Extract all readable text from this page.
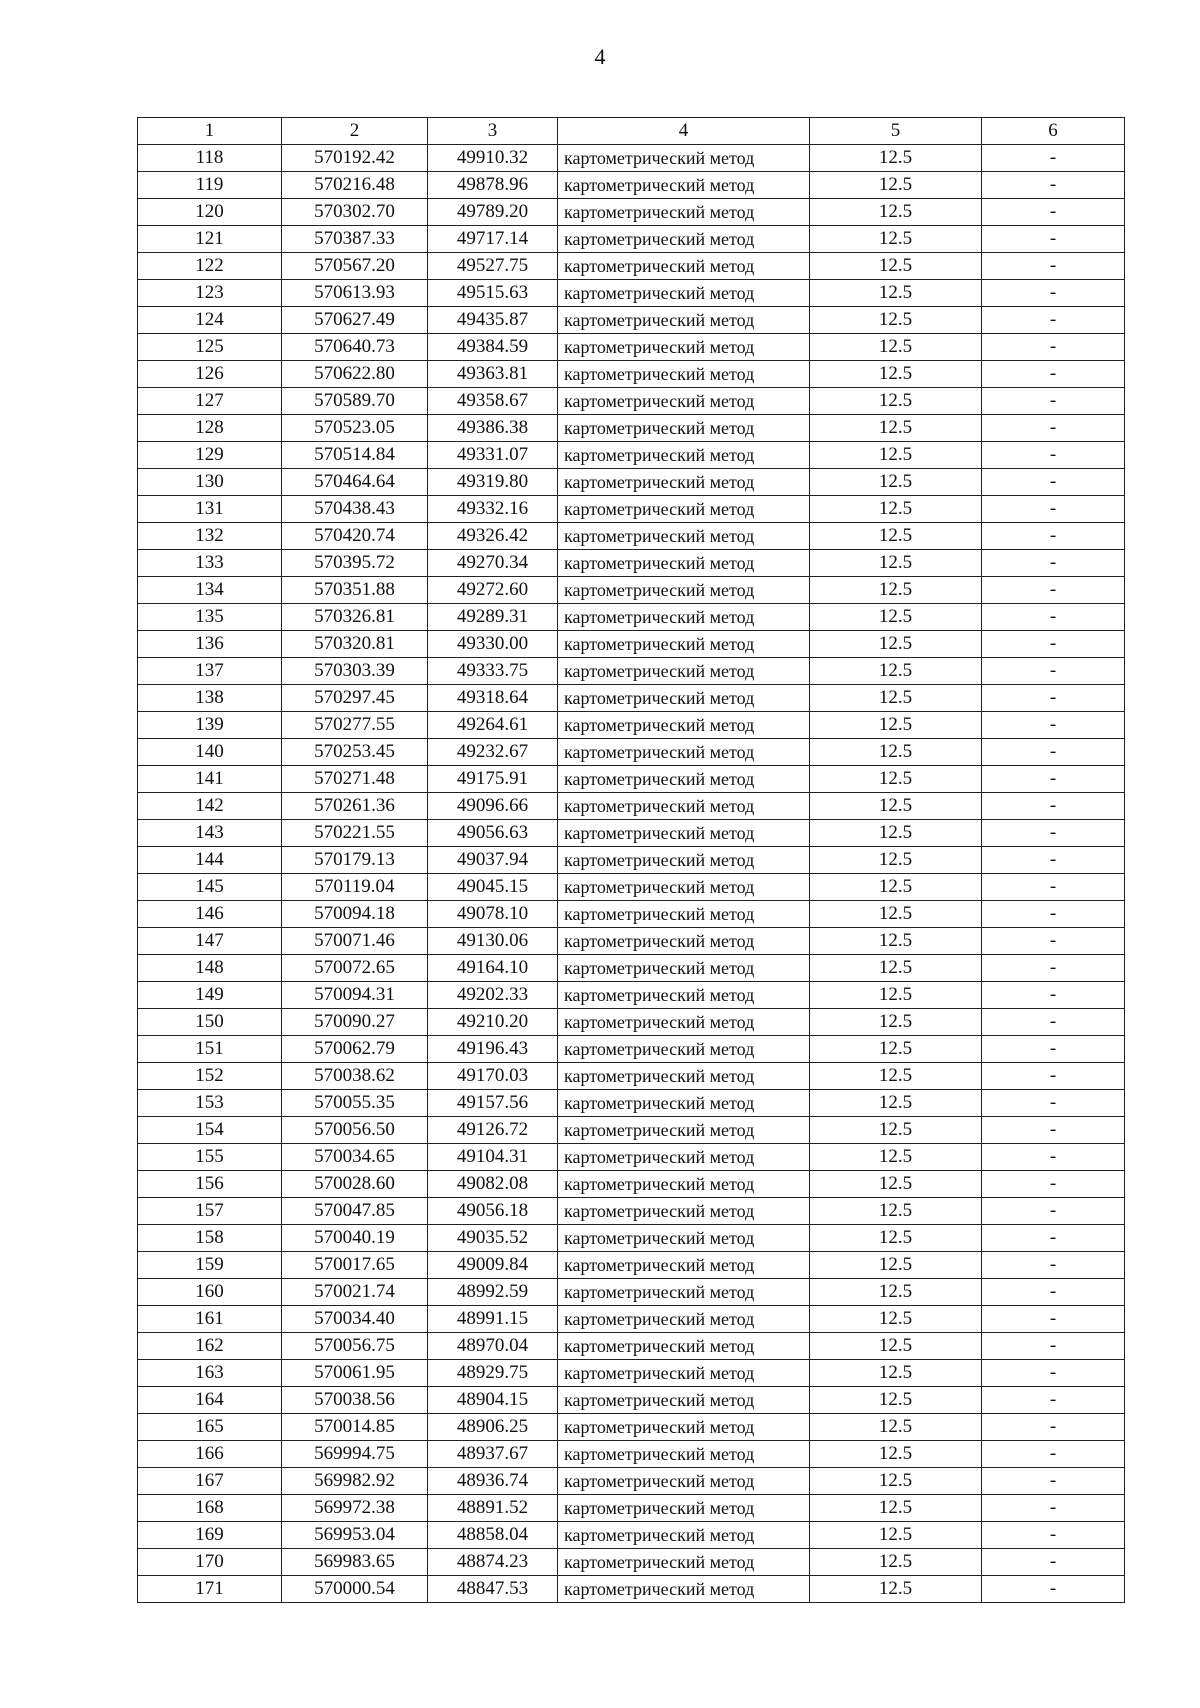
4
1	2	3	4	5	6
118	570192.42	49910.32	картометрический метод	12.5	-
119	570216.48	49878.96	картометрический метод	12.5	-
120	570302.70	49789.20	картометрический метод	12.5	-
121	570387.33	49717.14	картометрический метод	12.5	-
122	570567.20	49527.75	картометрический метод	12.5	-
123	570613.93	49515.63	картометрический метод	12.5	-
124	570627.49	49435.87	картометрический метод	12.5	-
125	570640.73	49384.59	картометрический метод	12.5	-
126	570622.80	49363.81	картометрический метод	12.5	-
127	570589.70	49358.67	картометрический метод	12.5	-
128	570523.05	49386.38	картометрический метод	12.5	-
129	570514.84	49331.07	картометрический метод	12.5	-
130	570464.64	49319.80	картометрический метод	12.5	-
131	570438.43	49332.16	картометрический метод	12.5	-
132	570420.74	49326.42	картометрический метод	12.5	-
133	570395.72	49270.34	картометрический метод	12.5	-
134	570351.88	49272.60	картометрический метод	12.5	-
135	570326.81	49289.31	картометрический метод	12.5	-
136	570320.81	49330.00	картометрический метод	12.5	-
137	570303.39	49333.75	картометрический метод	12.5	-
138	570297.45	49318.64	картометрический метод	12.5	-
139	570277.55	49264.61	картометрический метод	12.5	-
140	570253.45	49232.67	картометрический метод	12.5	-
141	570271.48	49175.91	картометрический метод	12.5	-
142	570261.36	49096.66	картометрический метод	12.5	-
143	570221.55	49056.63	картометрический метод	12.5	-
144	570179.13	49037.94	картометрический метод	12.5	-
145	570119.04	49045.15	картометрический метод	12.5	-
146	570094.18	49078.10	картометрический метод	12.5	-
147	570071.46	49130.06	картометрический метод	12.5	-
148	570072.65	49164.10	картометрический метод	12.5	-
149	570094.31	49202.33	картометрический метод	12.5	-
150	570090.27	49210.20	картометрический метод	12.5	-
151	570062.79	49196.43	картометрический метод	12.5	-
152	570038.62	49170.03	картометрический метод	12.5	-
153	570055.35	49157.56	картометрический метод	12.5	-
154	570056.50	49126.72	картометрический метод	12.5	-
155	570034.65	49104.31	картометрический метод	12.5	-
156	570028.60	49082.08	картометрический метод	12.5	-
157	570047.85	49056.18	картометрический метод	12.5	-
158	570040.19	49035.52	картометрический метод	12.5	-
159	570017.65	49009.84	картометрический метод	12.5	-
160	570021.74	48992.59	картометрический метод	12.5	-
161	570034.40	48991.15	картометрический метод	12.5	-
162	570056.75	48970.04	картометрический метод	12.5	-
163	570061.95	48929.75	картометрический метод	12.5	-
164	570038.56	48904.15	картометрический метод	12.5	-
165	570014.85	48906.25	картометрический метод	12.5	-
166	569994.75	48937.67	картометрический метод	12.5	-
167	569982.92	48936.74	картометрический метод	12.5	-
168	569972.38	48891.52	картометрический метод	12.5	-
169	569953.04	48858.04	картометрический метод	12.5	-
170	569983.65	48874.23	картометрический метод	12.5	-
171	570000.54	48847.53	картометрический метод	12.5	-
